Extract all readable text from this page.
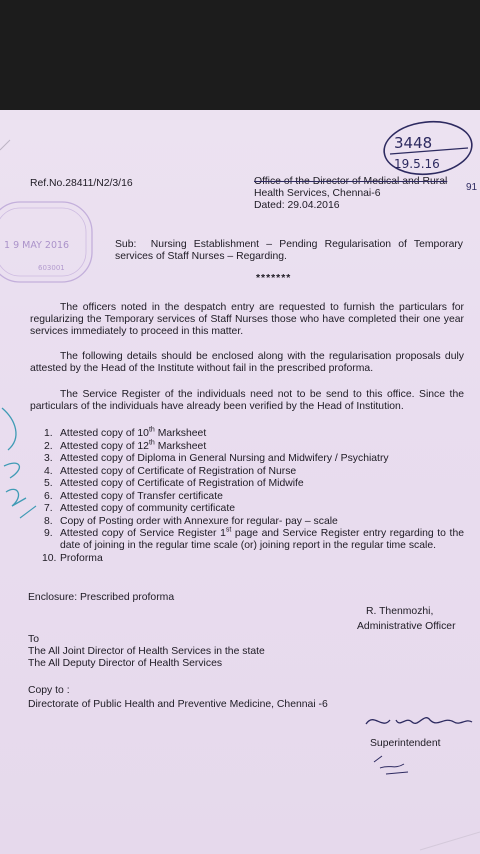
3448
19.5.16
91
1 9 MAY 2016
603001
Ref.No.28411/N2/3/16	Office of the Director of Medical and Rural
Health Services, Chennai-6
Dated: 29.04.2016
Sub: Nursing Establishment – Pending Regularisation of Temporary services of Staff Nurses – Regarding.
*******
The officers noted in the despatch entry are requested to furnish the particulars for regularizing the Temporary services of Staff Nurses those who have completed their one year services immediately to proceed in this matter.
The following details should be enclosed along with the regularisation proposals duly attested by the Head of the Institute without fail in the prescribed proforma.
The Service Register of the individuals need not to be send to this office. Since the particulars of the individuals have already been verified by the Head of Institution.
1. Attested copy of 10th Marksheet
2. Attested copy of 12th Marksheet
3. Attested copy of Diploma in General Nursing and Midwifery / Psychiatry
4. Attested copy of Certificate of Registration of Nurse
5. Attested copy of Certificate of Registration of Midwife
6. Attested copy of Transfer certificate
7. Attested copy of community certificate
8. Copy of Posting order with Annexure for regular- pay – scale
9. Attested copy of Service Register 1st page and Service Register entry regarding to the date of joining in the regular time scale (or) joining report in the regular time scale.
10. Proforma
Enclosure: Prescribed proforma
R. Thenmozhi,
Administrative Officer
To
The All Joint Director of Health Services in the state
The All Deputy Director of Health Services
Copy to :
Directorate of Public Health and Preventive Medicine, Chennai -6
Superintendent
